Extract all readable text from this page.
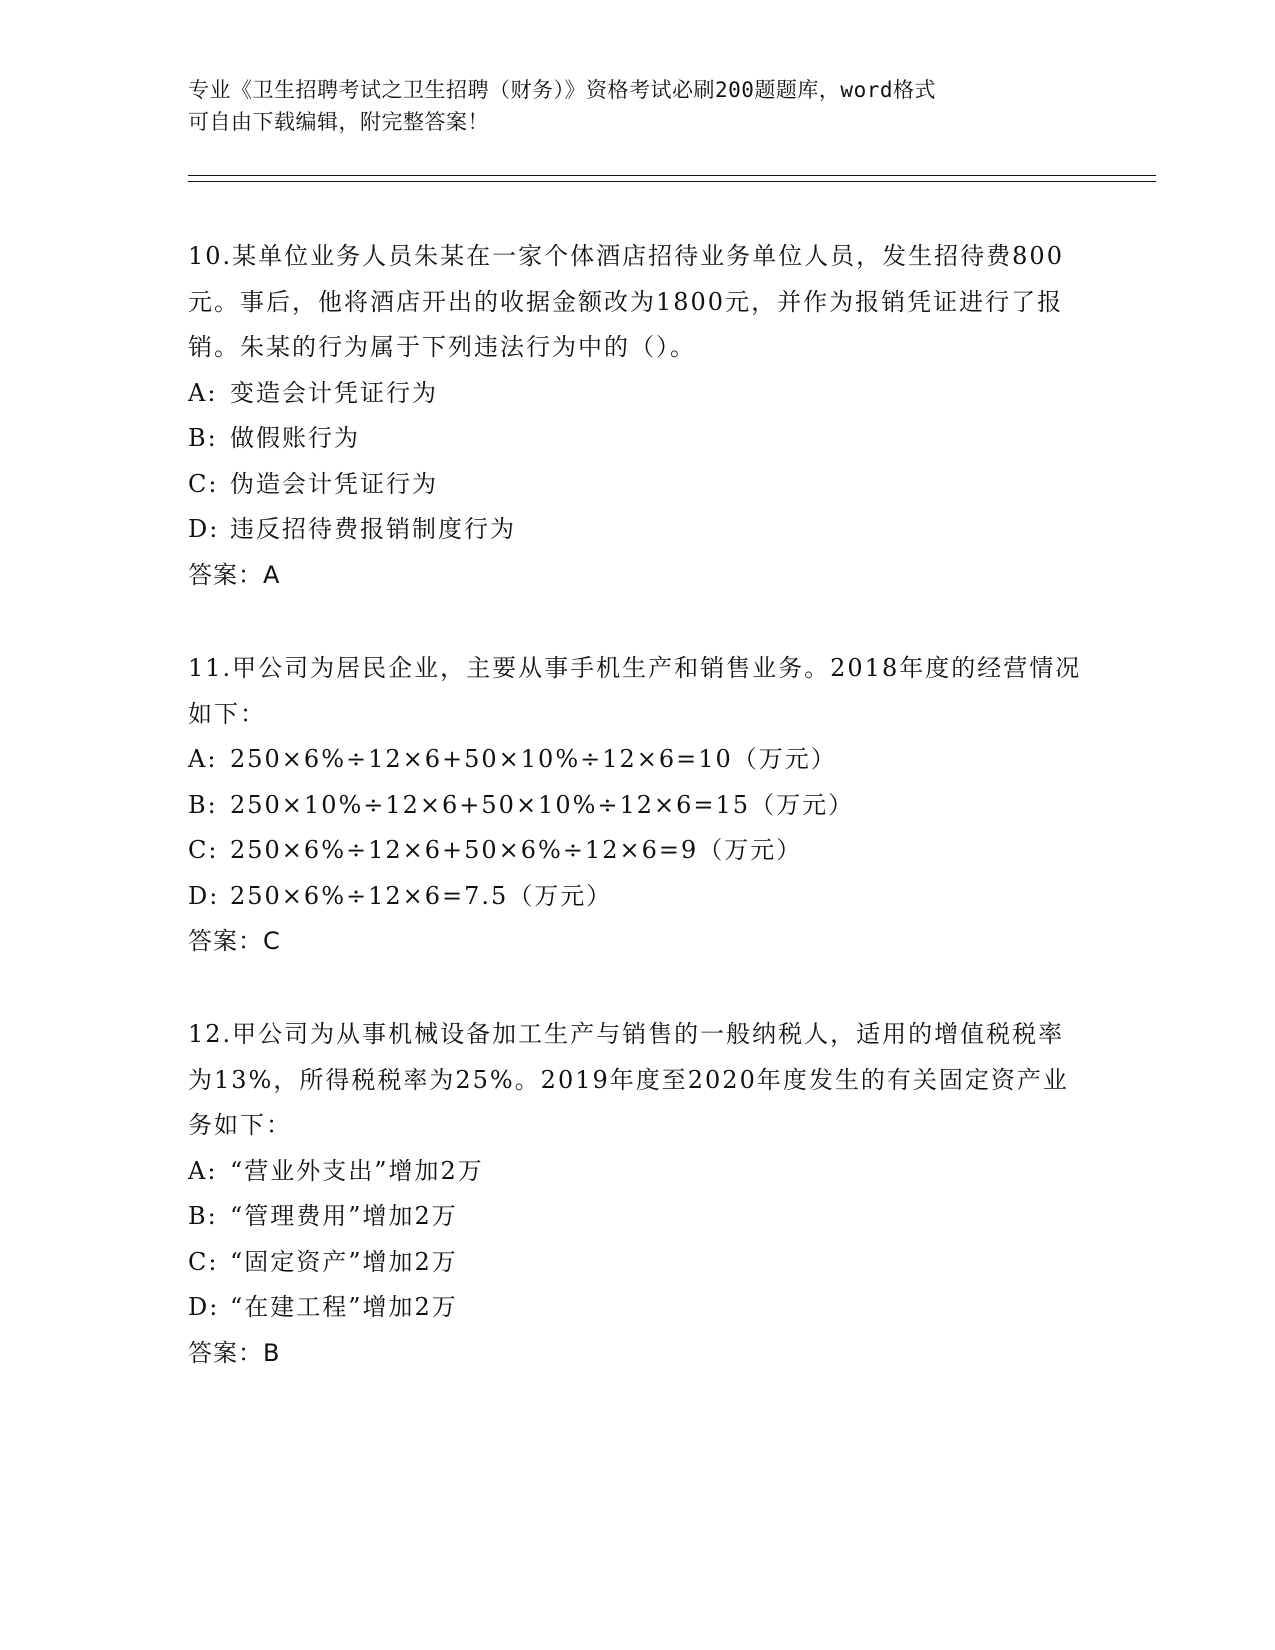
专业《卫生招聘考试之卫生招聘（财务）》资格考试必刷200题题库，word格式
可自由下载编辑，附完整答案！
10.某单位业务人员朱某在一家个体酒店招待业务单位人员，发生招待费800元。事后，他将酒店开出的收据金额改为1800元，并作为报销凭证进行了报销。朱某的行为属于下列违法行为中的（）。
A: 变造会计凭证行为
B: 做假账行为
C: 伪造会计凭证行为
D: 违反招待费报销制度行为
答案：A
11.甲公司为居民企业，主要从事手机生产和销售业务。2018年度的经营情况如下：
A: 250×6%÷12×6+50×10%÷12×6=10（万元）
B: 250×10%÷12×6+50×10%÷12×6=15（万元）
C: 250×6%÷12×6+50×6%÷12×6=9（万元）
D: 250×6%÷12×6=7.5（万元）
答案：C
12.甲公司为从事机械设备加工生产与销售的一般纳税人，适用的增值税税率为13%，所得税税率为25%。2019年度至2020年度发生的有关固定资产业务如下：
A: “营业外支出”增加2万
B: “管理费用”增加2万
C: “固定资产”增加2万
D: “在建工程”增加2万
答案：B
